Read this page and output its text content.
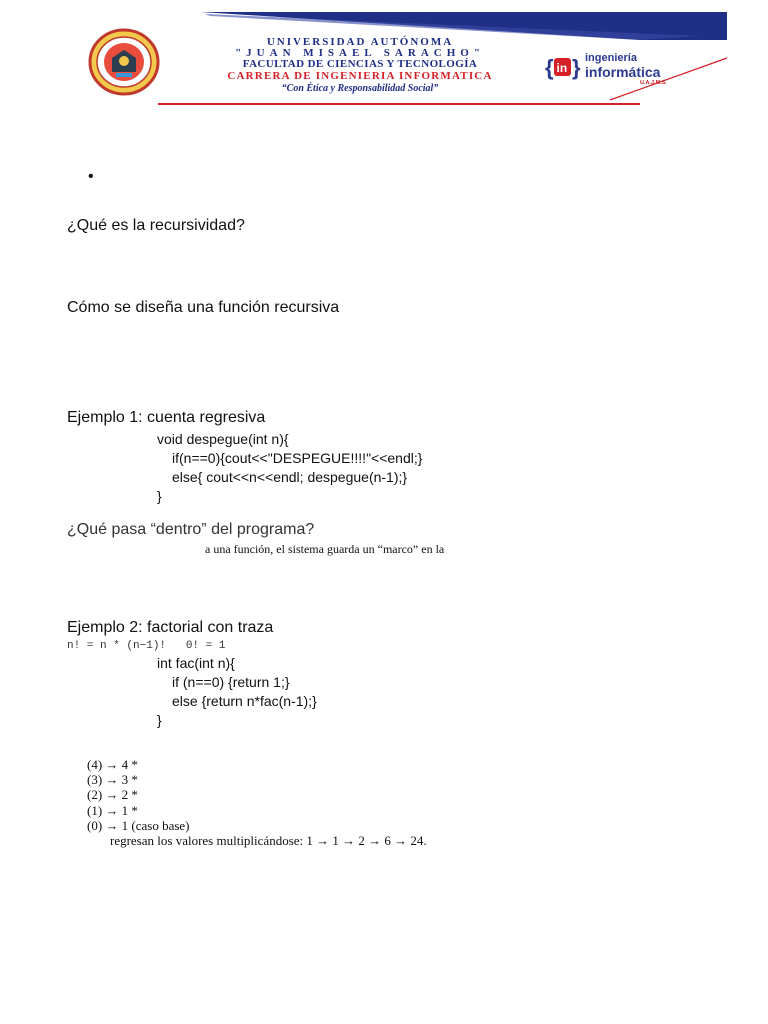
UNIVERSIDAD AUTÓNOMA
"JUAN MISAEL SARACHO"
FACULTAD DE CIENCIAS Y TECNOLOGÍA
CARRERA DE INGENIERIA INFORMATICA
“Con Ética y Responsabilidad Social”
{ in } ingeniería
informática
U.A.J.M.S.
•
¿Qué es la recursividad?
Cómo se diseña una función recursiva
Ejemplo 1: cuenta regresiva
void despegue(int n){
if(n==0){cout<<"DESPEGUE!!!!"<<endl;}
else{ cout<<n<<endl; despegue(n-1);}
}
¿Qué pasa “dentro” del programa?
a una función, el sistema guarda un “marco” en la
Ejemplo 2: factorial con traza
n! = n * (n−1)!   0! = 1
int fac(int n){
if (n==0) {return 1;}
else {return n*fac(n-1);}
}
(4) → 4 *
(3) → 3 *
(2) → 2 *
(1) → 1 *
(0) → 1 (caso base)
regresan los valores multiplicándose: 1 → 1 → 2 → 6 → 24.
